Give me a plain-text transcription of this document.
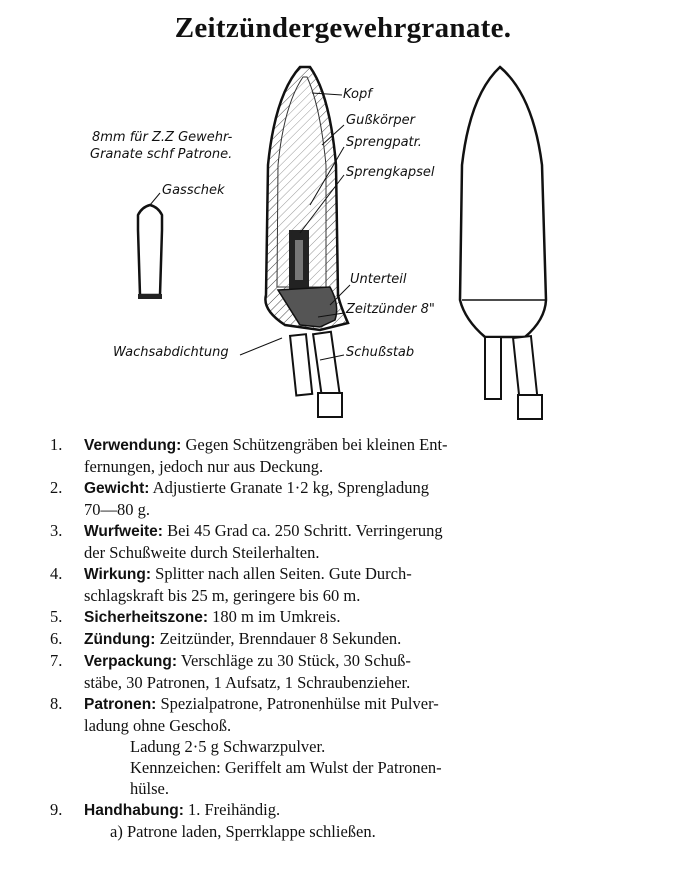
Zeitzündergewehrgranate.
8mm für Z.Z Gewehr-
Granate schf Patrone.
Gasschek
Kopf
Gußkörper
Sprengpatr.
Sprengkapsel
Unterteil
Zeitzünder 8"
Wachsabdichtung	Schußstab
1. Verwendung: Gegen Schützengräben bei kleinen Ent-
fernungen, jedoch nur aus Deckung.
2. Gewicht: Adjustierte Granate 1·2 kg, Sprengladung
70—80 g.
3. Wurfweite: Bei 45 Grad ca. 250 Schritt. Verringerung
der Schußweite durch Steilerhalten.
4. Wirkung: Splitter nach allen Seiten. Gute Durch-
schlagskraft bis 25 m, geringere bis 60 m.
5. Sicherheitszone: 180 m im Umkreis.
6. Zündung: Zeitzünder, Brenndauer 8 Sekunden.
7. Verpackung: Verschläge zu 30 Stück, 30 Schuß-
stäbe, 30 Patronen, 1 Aufsatz, 1 Schraubenzieher.
8. Patronen: Spezialpatrone, Patronenhülse mit Pulver-
ladung ohne Geschoß.
Ladung 2·5 g Schwarzpulver.
Kennzeichen: Geriffelt am Wulst der Patronen-
hülse.
9. Handhabung: 1. Freihändig.
a) Patrone laden, Sperrklappe schließen.
